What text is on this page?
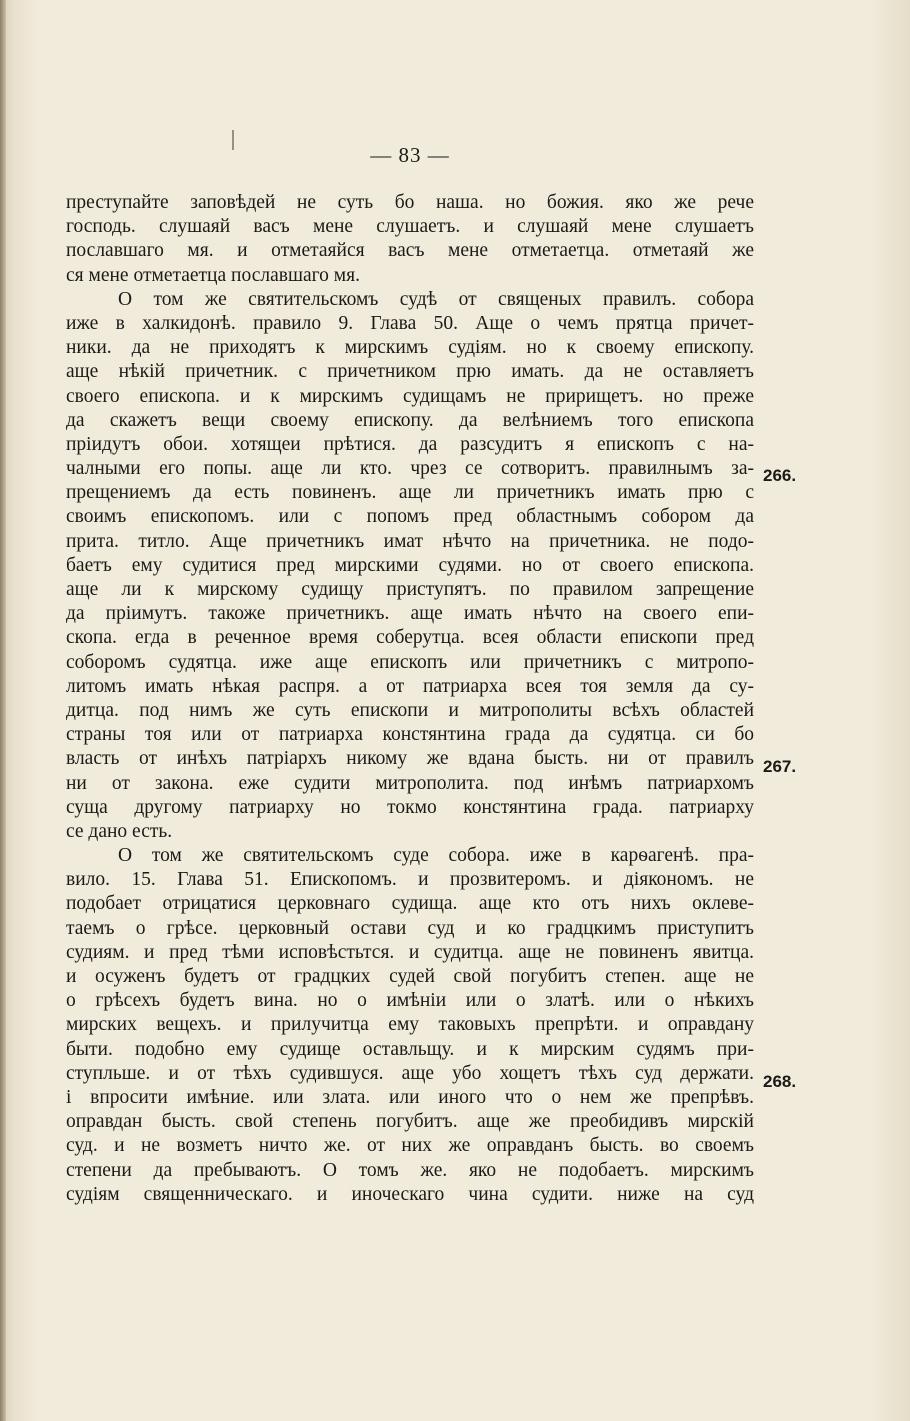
— 83 —
преступайте заповѣдей не суть бо наша. но божия. яко же рече
господь. слушаяй васъ мене слушаетъ. и слушаяй мене слушаетъ
пославшаго мя. и отметаяйся васъ мене отметаетца. отметаяй же
ся мене отметаетца пославшаго мя.
О том же святительскомъ судѣ от священых правилъ. собора
иже в халкидонѣ. правило 9. Глава 50. Аще о чемъ прятца причет-
ники. да не приходятъ к мирскимъ судіям. но к своему епископу.
аще нѣкій причетник. с причетником прю имать. да не оставляетъ
своего епископа. и к мирскимъ судищамъ не пририщетъ. но преже
да скажетъ вещи своему епископу. да велѣниемъ того епископа
пріидутъ обои. хотящеи прѣтися. да разсудитъ я епископъ с на-
чалными его попы. аще ли кто. чрез се сотворитъ. правилнымъ за-
прещениемъ да есть повиненъ. аще ли причетникъ имать прю с
своимъ епископомъ. или с попомъ пред областнымъ собором да
прита. титло. Аще причетникъ имат нѣчто на причетника. не подо-
баетъ ему судитися пред мирскими судями. но от своего епископа.
аще ли к мирскому судищу приступятъ. по правилом запрещение
да пріимутъ. такоже причетникъ. аще имать нѣчто на своего епи-
скопа. егда в реченное время соберутца. всея области епископи пред
соборомъ судятца. иже аще епископъ или причетникъ с митропо-
литомъ имать нѣкая распря. а от патриарха всея тоя земля да су-
дитца. под нимъ же суть епископи и митрополиты всѣхъ областей
страны тоя или от патриарха констянтина града да судятца. си бо
власть от инѣхъ патріархъ никому же вдана бысть. ни от правилъ
ни от закона. еже судити митрополита. под инѣмъ патриархомъ
суща другому патриарху но токмо констянтина града. патриарху
се дано есть.
О том же святительскомъ суде собора. иже в карѳагенѣ. пра-
вило. 15. Глава 51. Епископомъ. и прозвитеромъ. и діякономъ. не
подобает отрицатися церковнаго судища. аще кто отъ нихъ оклеве-
таемъ о грѣсе. церковный остави суд и ко градцкимъ приступитъ
судиям. и пред тѣми исповѣстьтся. и судитца. аще не повиненъ явитца.
и осуженъ будетъ от градцких судей свой погубитъ степен. аще не
о грѣсехъ будетъ вина. но о имѣніи или о златѣ. или о нѣкихъ
мирских вещехъ. и прилучитца ему таковыхъ препрѣти. и оправдану
быти. подобно ему судище оставльщу. и к мирским судямъ при-
ступльше. и от тѣхъ судившуся. аще убо хощетъ тѣхъ суд держати.
і впросити имѣние. или злата. или иного что о нем же препрѣвъ.
оправдан бысть. свой степень погубитъ. аще же преобидивъ мирскій
суд. и не возметъ ничто же. от них же оправданъ бысть. во своемъ
степени да пребываютъ. О томъ же. яко не подобаетъ. мирскимъ
судіям священническаго. и иноческаго чина судити. ниже на суд
266.
267.
268.
